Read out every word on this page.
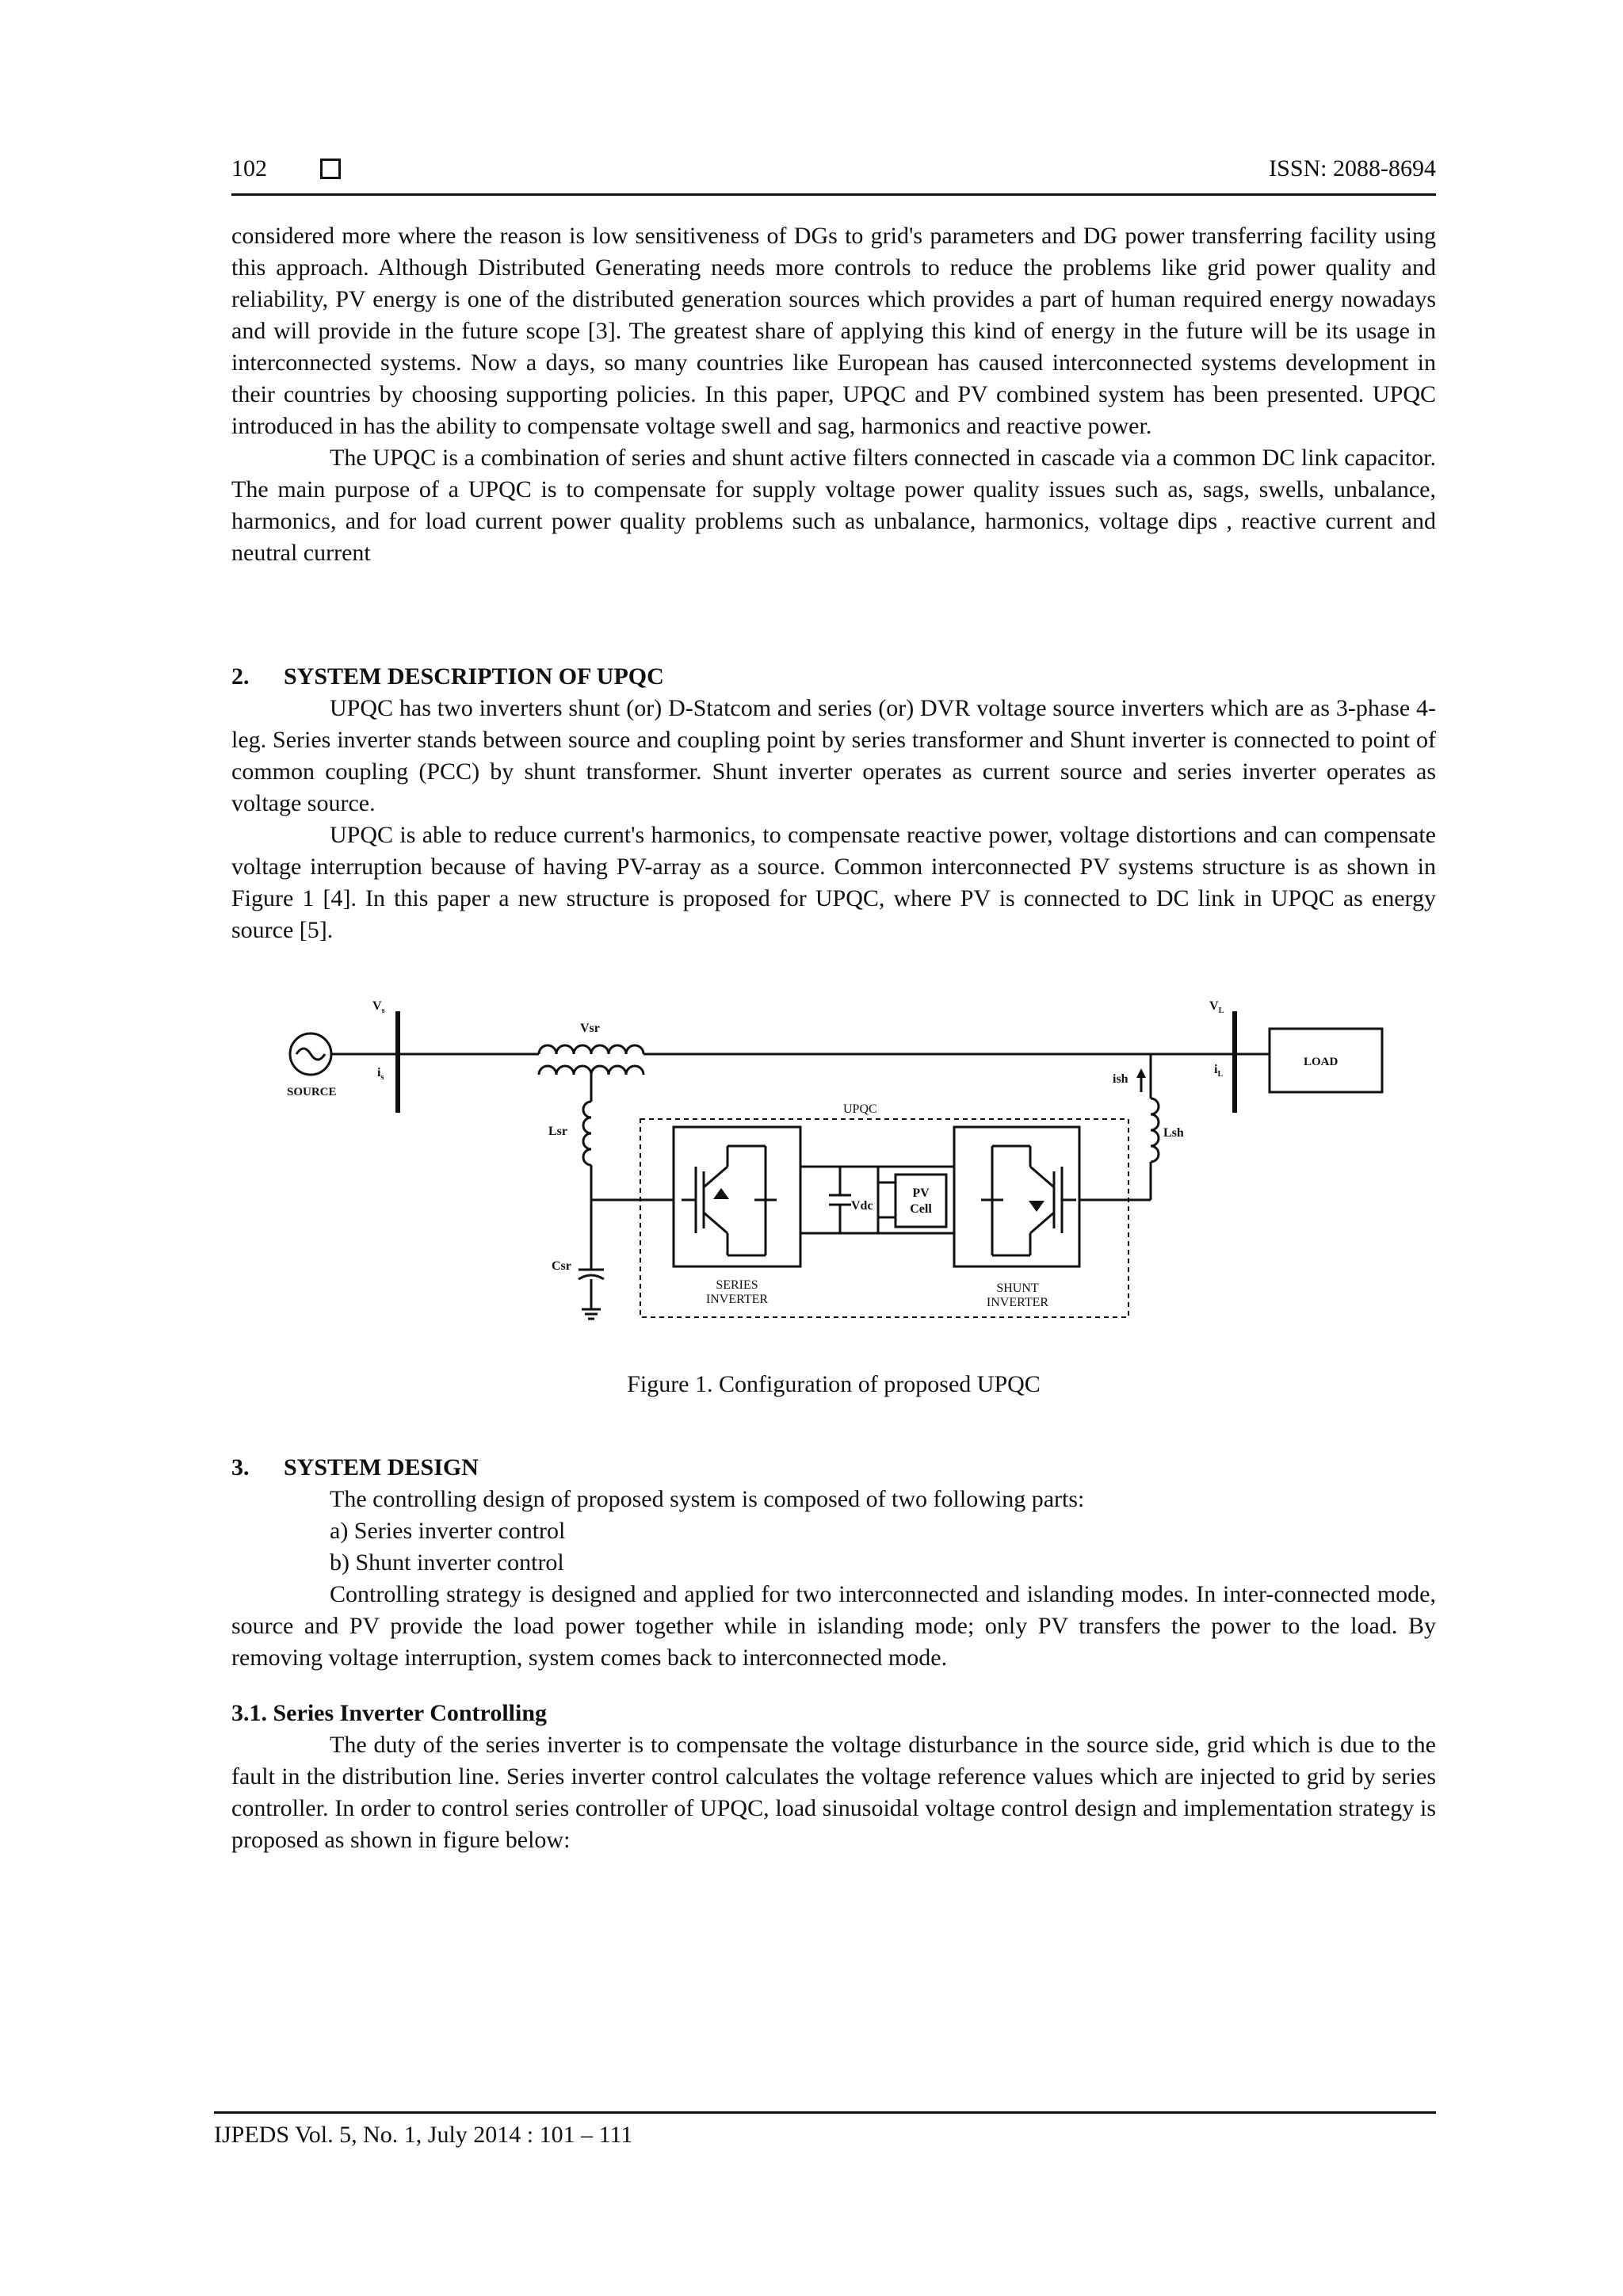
102	ISSN: 2088-8694

considered more where the reason is low sensitiveness of DGs to grid's parameters and DG power transferring facility using this approach. Although Distributed Generating needs more controls to reduce the problems like grid power quality and reliability, PV energy is one of the distributed generation sources which provides a part of human required energy nowadays and will provide in the future scope [3]. The greatest share of applying this kind of energy in the future will be its usage in interconnected systems. Now a days, so many countries like European has caused interconnected systems development in their countries by choosing supporting policies. In this paper, UPQC and PV combined system has been presented. UPQC introduced in has the ability to compensate voltage swell and sag, harmonics and reactive power.

The UPQC is a combination of series and shunt active filters connected in cascade via a common DC link capacitor. The main purpose of a UPQC is to compensate for supply voltage power quality issues such as, sags, swells, unbalance, harmonics, and for load current power quality problems such as unbalance, harmonics, voltage dips , reactive current and neutral current

2. SYSTEM DESCRIPTION OF UPQC

UPQC has two inverters shunt (or) D-Statcom and series (or) DVR voltage source inverters which are as 3-phase 4-leg. Series inverter stands between source and coupling point by series transformer and Shunt inverter is connected to point of common coupling (PCC) by shunt transformer. Shunt inverter operates as current source and series inverter operates as voltage source.

UPQC is able to reduce current's harmonics, to compensate reactive power, voltage distortions and can compensate voltage interruption because of having PV-array as a source. Common interconnected PV systems structure is as shown in Figure 1 [4]. In this paper a new structure is proposed for UPQC, where PV is connected to DC link in UPQC as energy source [5].

$V_s$
$i_s$
SOURCE
Vsr
$V_L$
$i_L$
LOAD
ish
UPQC
Lsr	Lsh
Vdc
PV
Cell
Csr
SERIES
INVERTER
SHUNT
INVERTER
Figure 1. Configuration of proposed UPQC
3. SYSTEM DESIGN

The controlling design of proposed system is composed of two following parts:

a) Series inverter control

b) Shunt inverter control

Controlling strategy is designed and applied for two interconnected and islanding modes. In inter-connected mode, source and PV provide the load power together while in islanding mode; only PV transfers the power to the load. By removing voltage interruption, system comes back to interconnected mode.

3.1. Series Inverter Controlling

The duty of the series inverter is to compensate the voltage disturbance in the source side, grid which is due to the fault in the distribution line. Series inverter control calculates the voltage reference values which are injected to grid by series controller. In order to control series controller of UPQC, load sinusoidal voltage control design and implementation strategy is proposed as shown in figure below:

IJPEDS Vol. 5, No. 1, July 2014 : 101 – 111
